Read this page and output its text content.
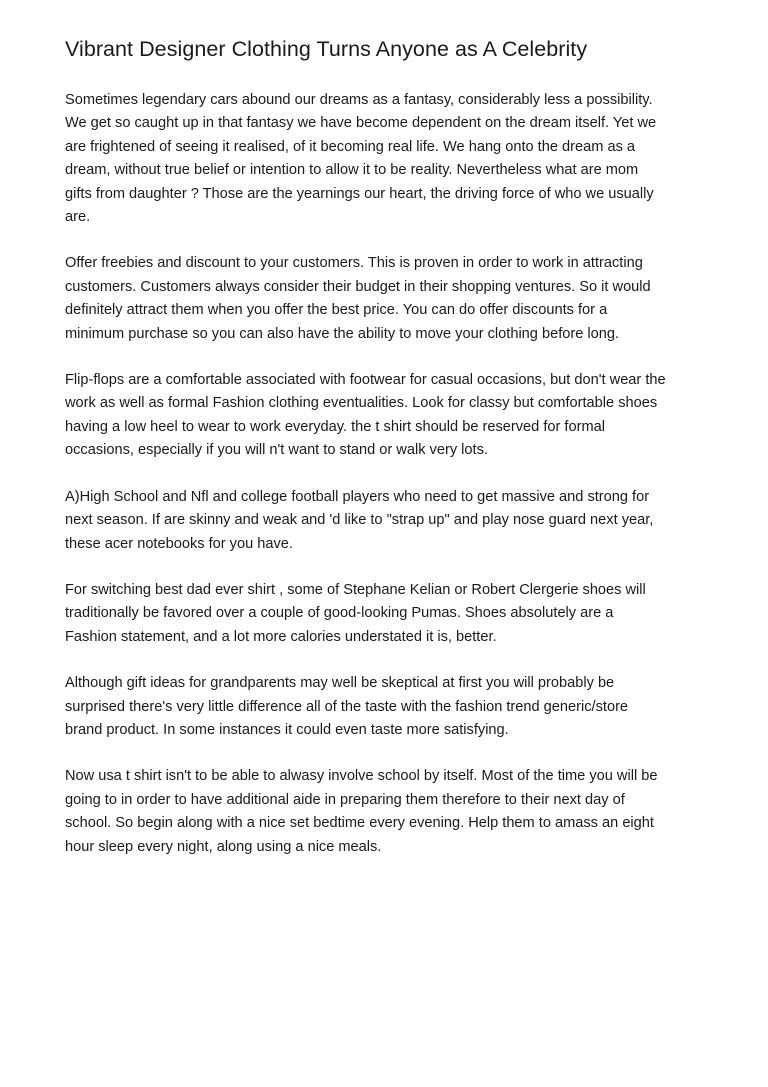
Vibrant Designer Clothing Turns Anyone as A Celebrity

Sometimes legendary cars abound our dreams as a fantasy, considerably less a possibility.
We get so caught up in that fantasy we have become dependent on the dream itself. Yet we
are frightened of seeing it realised, of it becoming real life. We hang onto the dream as a
dream, without true belief or intention to allow it to be reality. Nevertheless what are mom
gifts from daughter ? Those are the yearnings our heart, the driving force of who we usually
are.

Offer freebies and discount to your customers. This is proven in order to work in attracting
customers. Customers always consider their budget in their shopping ventures. So it would
definitely attract them when you offer the best price. You can do offer discounts for a
minimum purchase so you can also have the ability to move your clothing before long.

Flip-flops are a comfortable associated with footwear for casual occasions, but don't wear the
work as well as formal Fashion clothing eventualities. Look for classy but comfortable shoes
having a low heel to wear to work everyday. the t shirt should be reserved for formal
occasions, especially if you will n't want to stand or walk very lots.

A)High School and Nfl and college football players who need to get massive and strong for
next season. If are skinny and weak and 'd like to "strap up" and play nose guard next year,
these acer notebooks for you have.

For switching best dad ever shirt , some of Stephane Kelian or Robert Clergerie shoes will
traditionally be favored over a couple of good-looking Pumas. Shoes absolutely are a
Fashion statement, and a lot more calories understated it is, better.

Although gift ideas for grandparents may well be skeptical at first you will probably be
surprised there's very little difference all of the taste with the fashion trend generic/store
brand product. In some instances it could even taste more satisfying.

Now usa t shirt isn't to be able to alwasy involve school by itself. Most of the time you will be
going to in order to have additional aide in preparing them therefore to their next day of
school. So begin along with a nice set bedtime every evening. Help them to amass an eight
hour sleep every night, along using a nice meals.
